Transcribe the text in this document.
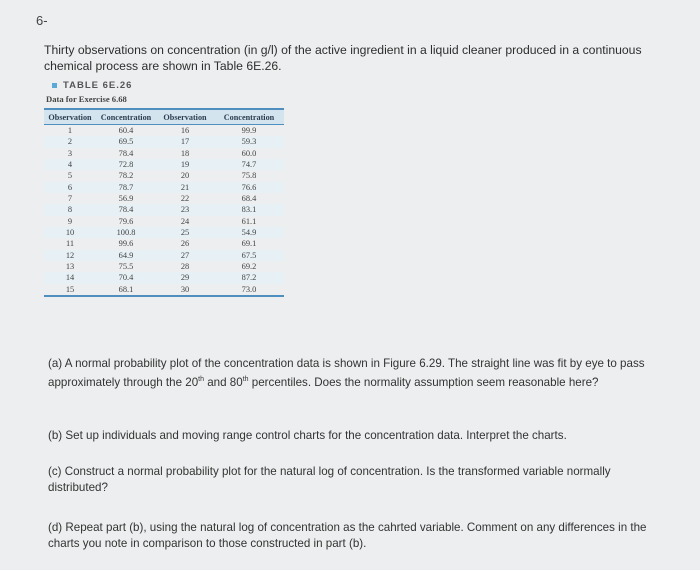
6-
Thirty observations on concentration (in g/l) of the active ingredient in a liquid cleaner produced in a continuous chemical process are shown in Table 6E.26.
TABLE 6E.26
Data for Exercise 6.68
Observation	Concentration	Observation	Concentration
1	60.4	16	99.9
2	69.5	17	59.3
3	78.4	18	60.0
4	72.8	19	74.7
5	78.2	20	75.8
6	78.7	21	76.6
7	56.9	22	68.4
8	78.4	23	83.1
9	79.6	24	61.1
10	100.8	25	54.9
11	99.6	26	69.1
12	64.9	27	67.5
13	75.5	28	69.2
14	70.4	29	87.2
15	68.1	30	73.0
(a) A normal probability plot of the concentration data is shown in Figure 6.29. The straight line was fit by eye to pass approximately through the 20th and 80th percentiles. Does the normality assumption seem reasonable here?
(b) Set up individuals and moving range control charts for the concentration data. Interpret the charts.
(c) Construct a normal probability plot for the natural log of concentration. Is the transformed variable normally distributed?
(d) Repeat part (b), using the natural log of concentration as the cahrted variable. Comment on any differences in the charts you note in comparison to those constructed in part (b).
